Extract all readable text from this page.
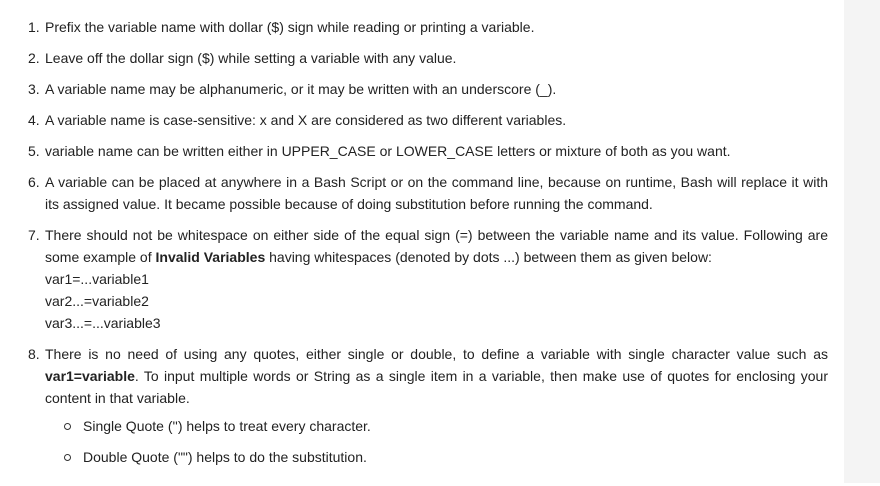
1. Prefix the variable name with dollar ($) sign while reading or printing a variable.
2. Leave off the dollar sign ($) while setting a variable with any value.
3. A variable name may be alphanumeric, or it may be written with an underscore (_).
4. A variable name is case-sensitive: x and X are considered as two different variables.
5. variable name can be written either in UPPER_CASE or LOWER_CASE letters or mixture of both as you want.
6. A variable can be placed at anywhere in a Bash Script or on the command line, because on runtime, Bash will replace it with its assigned value. It became possible because of doing substitution before running the command.
7. There should not be whitespace on either side of the equal sign (=) between the variable name and its value. Following are some example of Invalid Variables having whitespaces (denoted by dots ...) between them as given below:
var1=...variable1
var2...=variable2
var3...=...variable3
8. There is no need of using any quotes, either single or double, to define a variable with single character value such as var1=variable. To input multiple words or String as a single item in a variable, then make use of quotes for enclosing your content in that variable.
Single Quote ('') helps to treat every character.
Double Quote ("") helps to do the substitution.
